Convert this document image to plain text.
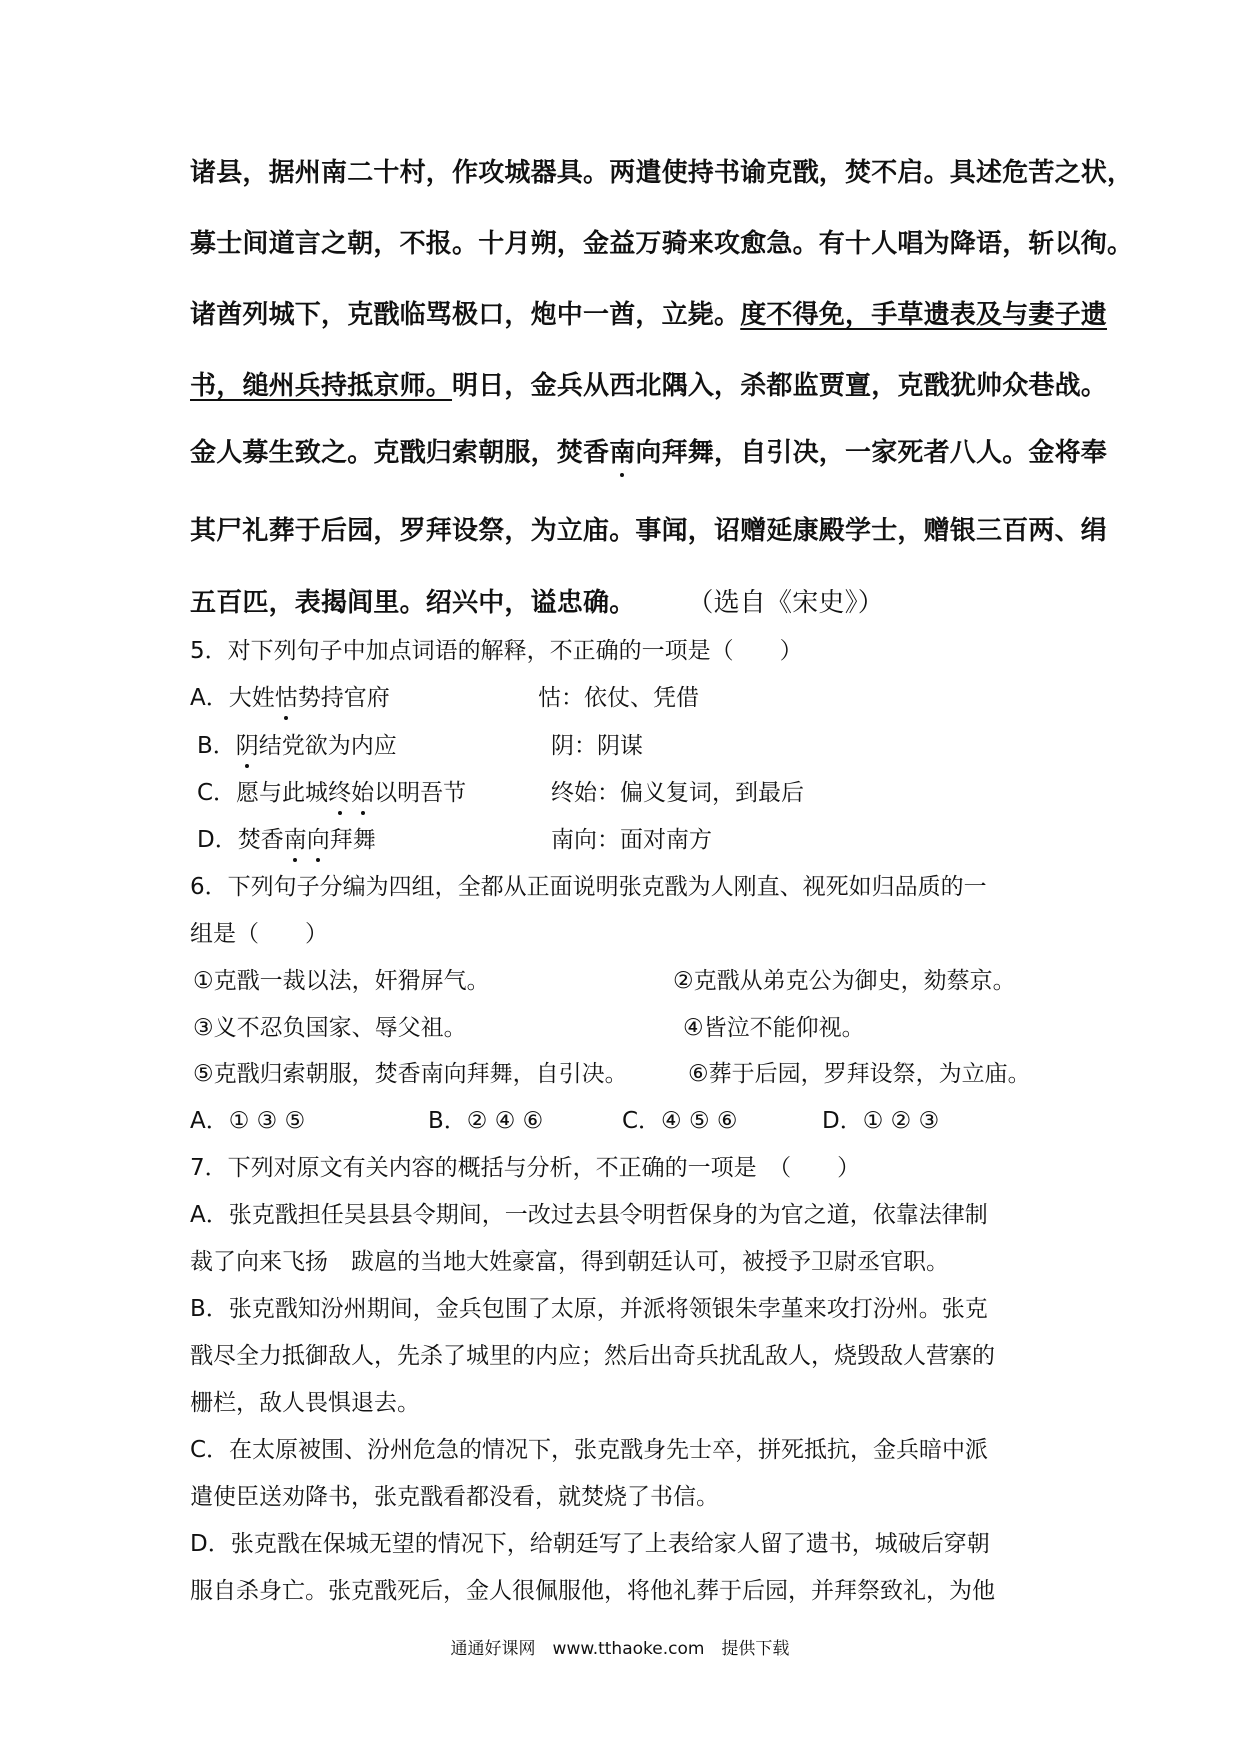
诸县，据州南二十村，作攻城器具。两遣使持书谕克戬，焚不启。具述危苦之状，
募士间道言之朝，不报。十月朔，金益万骑来攻愈急。有十人唱为降语，斩以徇。
诸酋列城下，克戬临骂极口，炮中一酋，立毙。度不得免，手草遗表及与妻子遗
书，缒州兵持抵京师。明日，金兵从西北隅入，杀都监贾亶，克戬犹帅众巷战。
金人募生致之。克戬归索朝服，焚香南向拜舞，自引决，一家死者八人。金将奉
其尸礼葬于后园，罗拜设祭，为立庙。事闻，诏赠延康殿学士，赠银三百两、绢
五百匹，表揭闾里。绍兴中，谥忠确。 （选自《宋史》）
5．对下列句子中加点词语的解释，不正确的一项是（　　）
A．大姓怙势持官府	怙：依仗、凭借
B．阴结党欲为内应	阴：阴谋
C．愿与此城终始以明吾节	终始：偏义复词，到最后
D．焚香南向拜舞	南向：面对南方
6．下列句子分编为四组，全都从正面说明张克戬为人刚直、视死如归品质的一
组是（　　）
①克戬一裁以法，奸猾屏气。	②克戬从弟克公为御史，劾蔡京。
③义不忍负国家、辱父祖。	④皆泣不能仰视。
⑤克戬归索朝服，焚香南向拜舞，自引决。	⑥葬于后园，罗拜设祭，为立庙。
A．① ③ ⑤	B．② ④ ⑥	C．④ ⑤ ⑥	D．① ② ③
7．下列对原文有关内容的概括与分析，不正确的一项是　（　　）
A．张克戬担任吴县县令期间，一改过去县令明哲保身的为官之道，依靠法律制
裁了向来飞扬　跋扈的当地大姓豪富，得到朝廷认可，被授予卫尉丞官职。
B．张克戬知汾州期间，金兵包围了太原，并派将领银朱孛堇来攻打汾州。张克
戬尽全力抵御敌人，先杀了城里的内应；然后出奇兵扰乱敌人，烧毁敌人营寨的
栅栏，敌人畏惧退去。
C．在太原被围、汾州危急的情况下，张克戬身先士卒，拼死抵抗，金兵暗中派
遣使臣送劝降书，张克戬看都没看，就焚烧了书信。
D．张克戬在保城无望的情况下，给朝廷写了上表给家人留了遗书，城破后穿朝
服自杀身亡。张克戬死后，金人很佩服他，将他礼葬于后园，并拜祭致礼，为他
通通好课网　www.tthaoke.com　提供下载
